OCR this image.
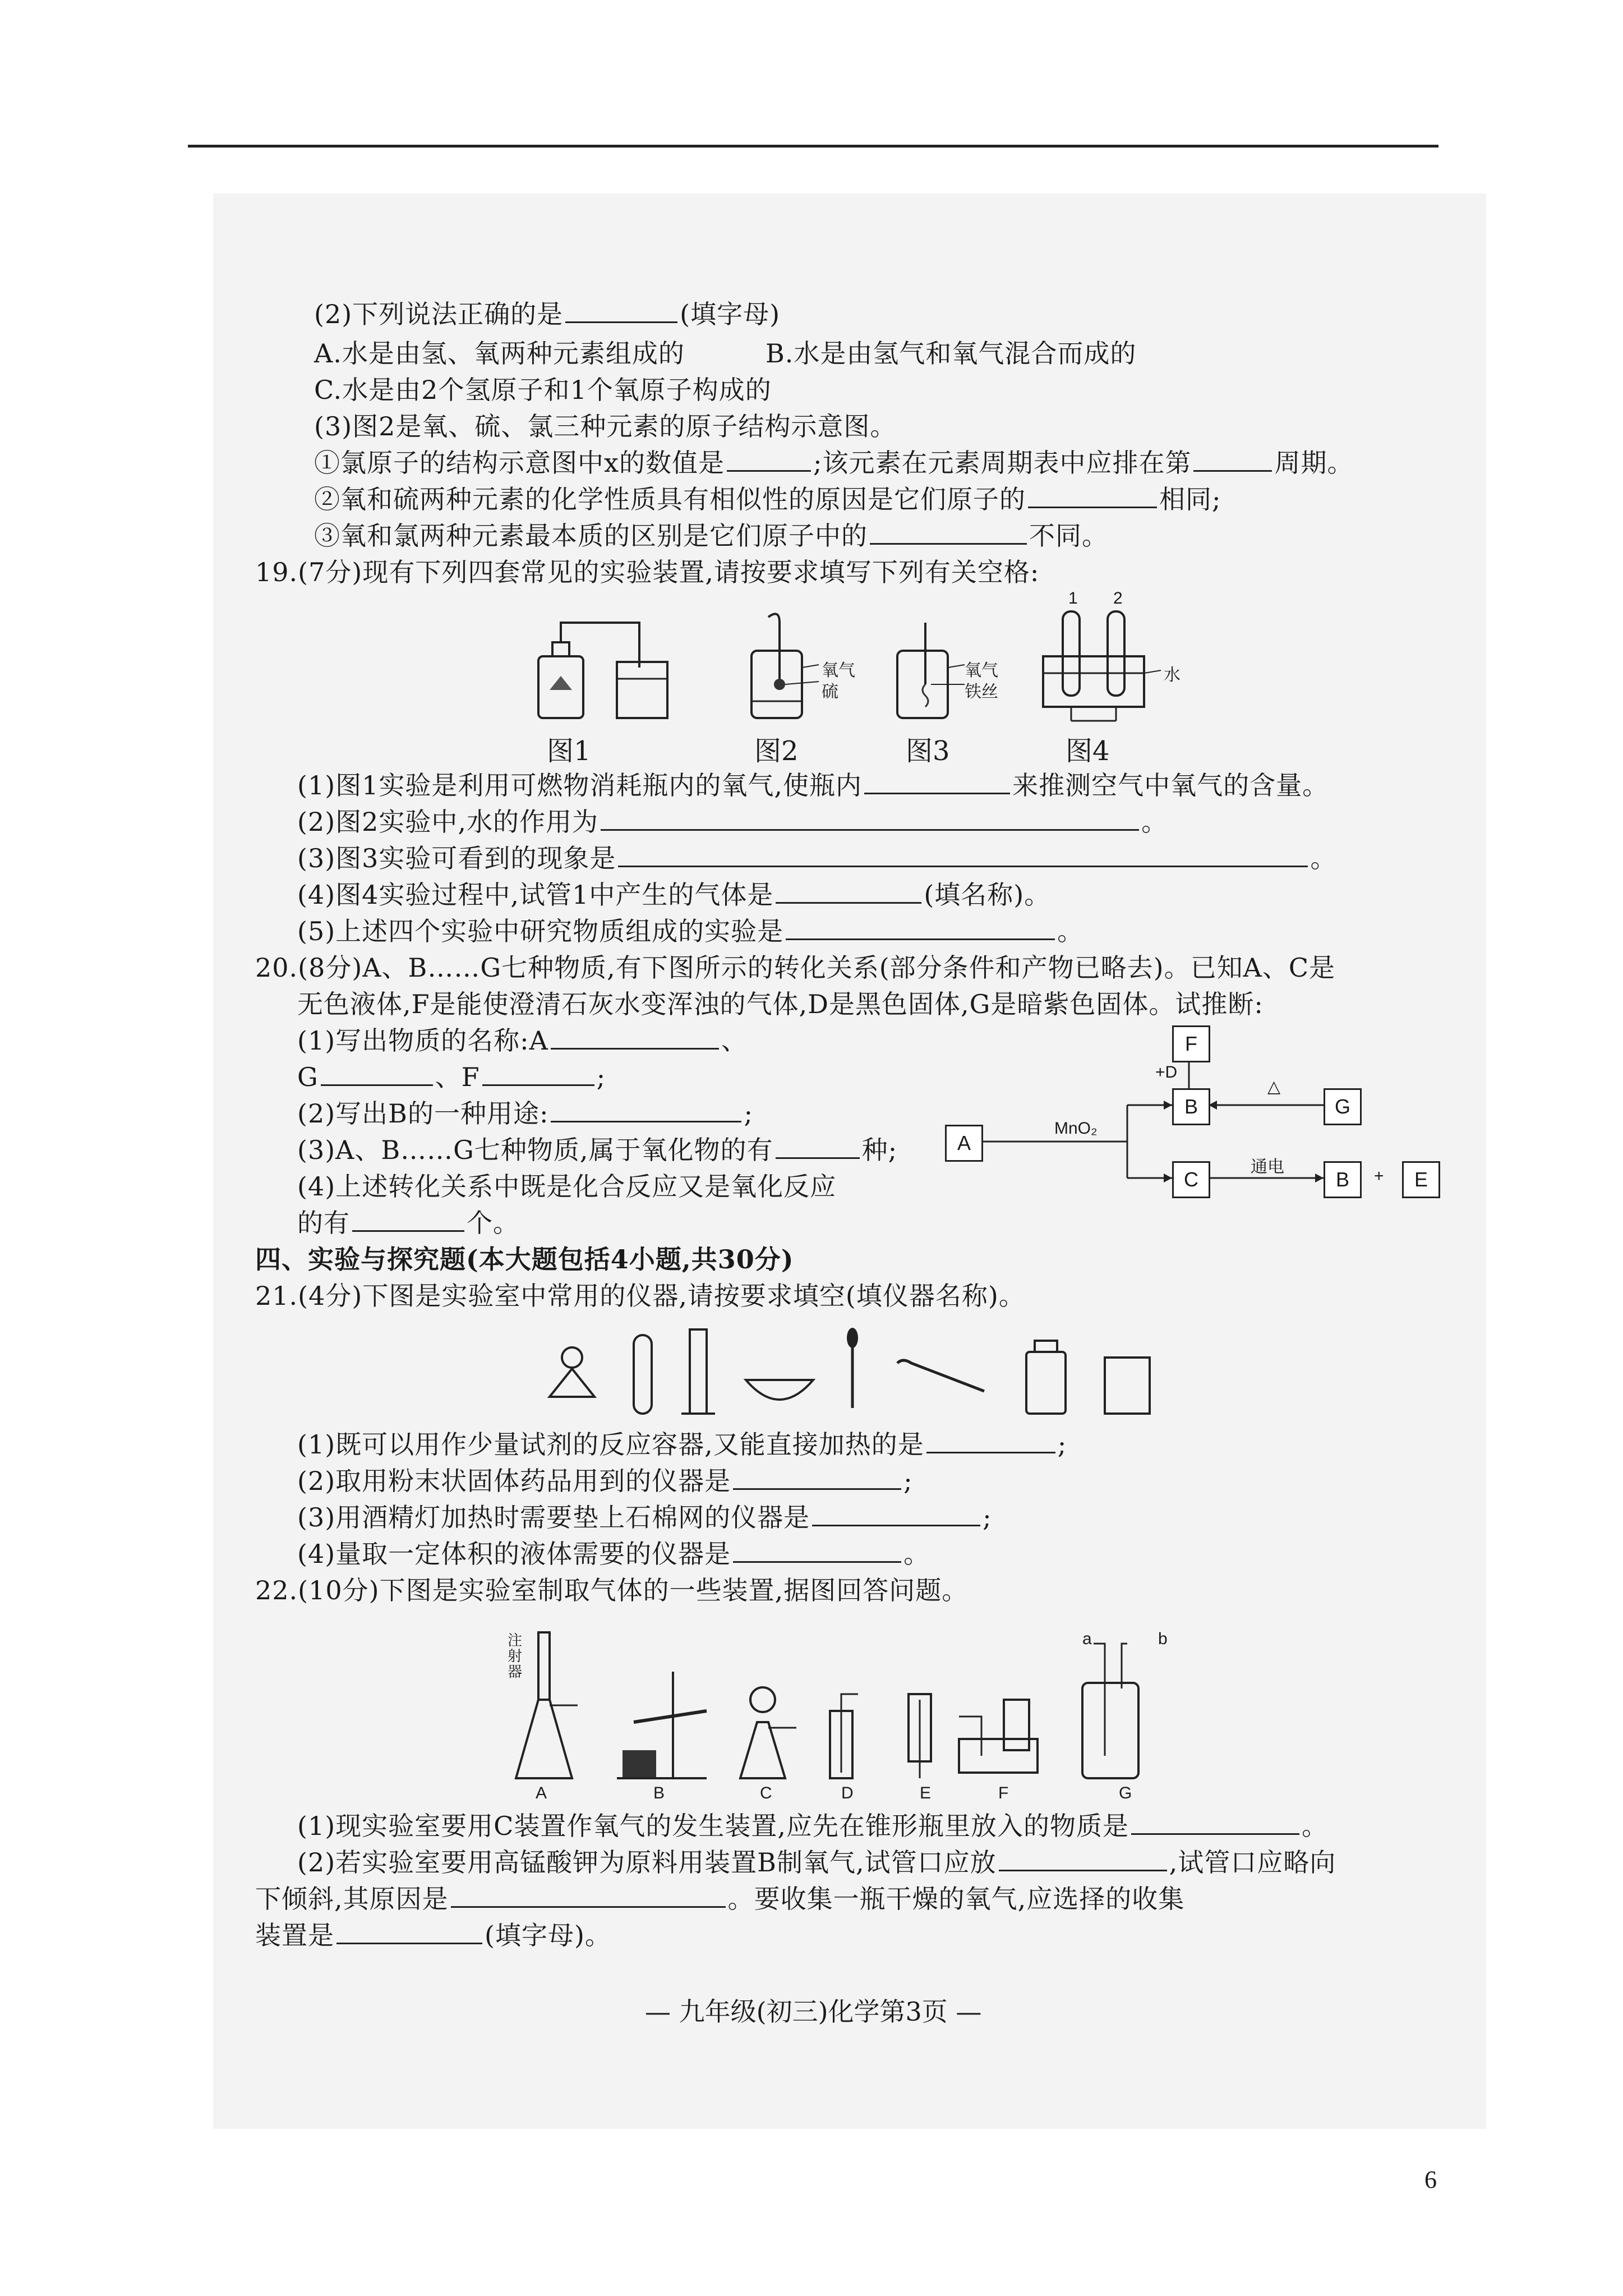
(2)下列说法正确的是	(填字母)
A.水是由氢、氧两种元素组成的	B.水是由氢气和氧气混合而成的
C.水是由2个氢原子和1个氧原子构成的
(3)图2是氧、硫、氯三种元素的原子结构示意图。
①氯原子的结构示意图中x的数值是	;该元素在元素周期表中应排在第	周期。
②氧和硫两种元素的化学性质具有相似性的原因是它们原子的	相同;
③氧和氯两种元素最本质的区别是它们原子中的	不同。
19.(7分)现有下列四套常见的实验装置,请按要求填写下列有关空格:
图1
氧气
硫
图2
氧气
铁丝
图3
1 2
水
图4
(1)图1实验是利用可燃物消耗瓶内的氧气,使瓶内	来推测空气中氧气的含量。
(2)图2实验中,水的作用为	。
(3)图3实验可看到的现象是	。
(4)图4实验过程中,试管1中产生的气体是	(填名称)。
(5)上述四个实验中研究物质组成的实验是	。
20.(8分)A、B……G七种物质,有下图所示的转化关系(部分条件和产物已略去)。已知A、C是
无色液体,F是能使澄清石灰水变浑浊的气体,D是黑色固体,G是暗紫色固体。试推断:
(1)写出物质的名称:A	、
G	、F	;
(2)写出B的一种用途:	;
(3)A、B……G七种物质,属于氧化物的有	种;
(4)上述转化关系中既是化合反应又是氧化反应
的有	个。
A
MnO₂
B
F
+D
△
G
C
通电
B	+	E
四、实验与探究题(本大题包括4小题,共30分)
21.(4分)下图是实验室中常用的仪器,请按要求填空(填仪器名称)。
(1)既可以用作少量试剂的反应容器,又能直接加热的是	;
(2)取用粉末状固体药品用到的仪器是	;
(3)用酒精灯加热时需要垫上石棉网的仪器是	;
(4)量取一定体积的液体需要的仪器是	。
22.(10分)下图是实验室制取气体的一些装置,据图回答问题。
注射器
a	b
A	B	C	D	E	F	G
(1)现实验室要用C装置作氧气的发生装置,应先在锥形瓶里放入的物质是	。
(2)若实验室要用高锰酸钾为原料用装置B制氧气,试管口应放	,试管口应略向
下倾斜,其原因是	。要收集一瓶干燥的氧气,应选择的收集
装置是	(填字母)。
— 九年级(初三)化学第3页 —
6
